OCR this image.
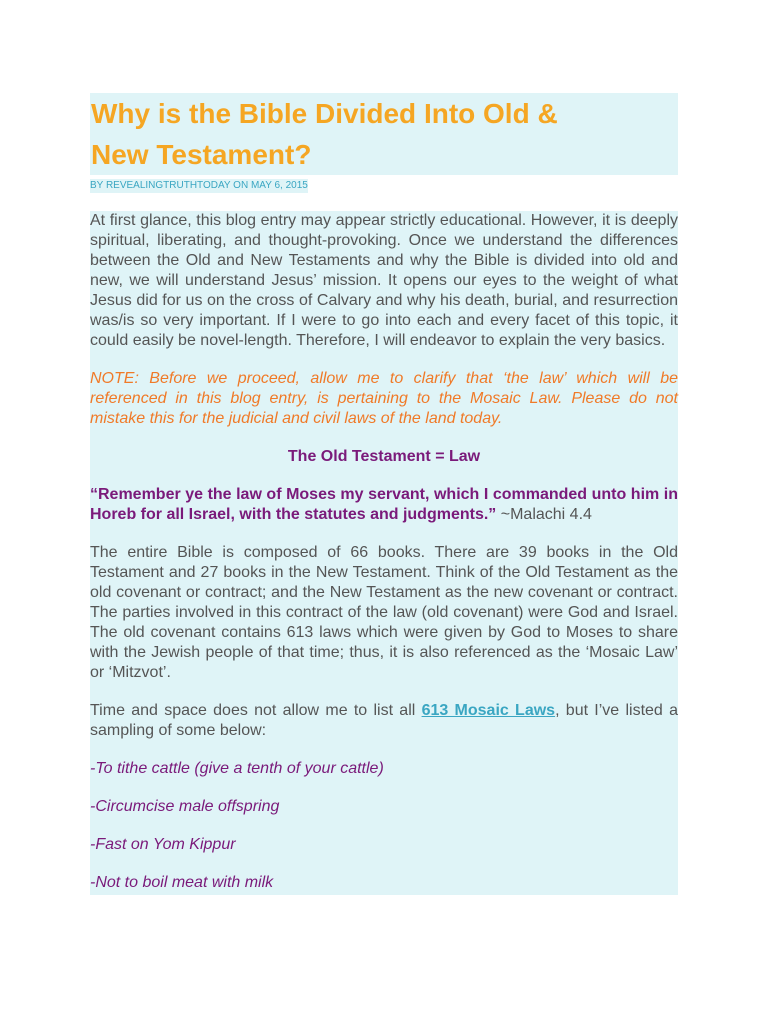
Why is the Bible Divided Into Old &
New Testament?
BY REVEALINGTRUTHTODAY ON MAY 6, 2015

At first glance, this blog entry may appear strictly educational. However, it is deeply spiritual, liberating, and thought-provoking. Once we understand the differences between the Old and New Testaments and why the Bible is divided into old and new, we will understand Jesus’ mission. It opens our eyes to the weight of what Jesus did for us on the cross of Calvary and why his death, burial, and resurrection was/is so very important. If I were to go into each and every facet of this topic, it could easily be novel-length. Therefore, I will endeavor to explain the very basics.

NOTE: Before we proceed, allow me to clarify that ‘the law’ which will be referenced in this blog entry, is pertaining to the Mosaic Law. Please do not mistake this for the judicial and civil laws of the land today.

The Old Testament = Law

“Remember ye the law of Moses my servant, which I commanded unto him in Horeb for all Israel, with the statutes and judgments.” ~Malachi 4.4

The entire Bible is composed of 66 books. There are 39 books in the Old Testament and 27 books in the New Testament. Think of the Old Testament as the old covenant or contract; and the New Testament as the new covenant or contract. The parties involved in this contract of the law (old covenant) were God and Israel. The old covenant contains 613 laws which were given by God to Moses to share with the Jewish people of that time; thus, it is also referenced as the ‘Mosaic Law’ or ‘Mitzvot’.

Time and space does not allow me to list all 613 Mosaic Laws, but I’ve listed a sampling of some below:

-To tithe cattle (give a tenth of your cattle)

-Circumcise male offspring

-Fast on Yom Kippur

-Not to boil meat with milk
